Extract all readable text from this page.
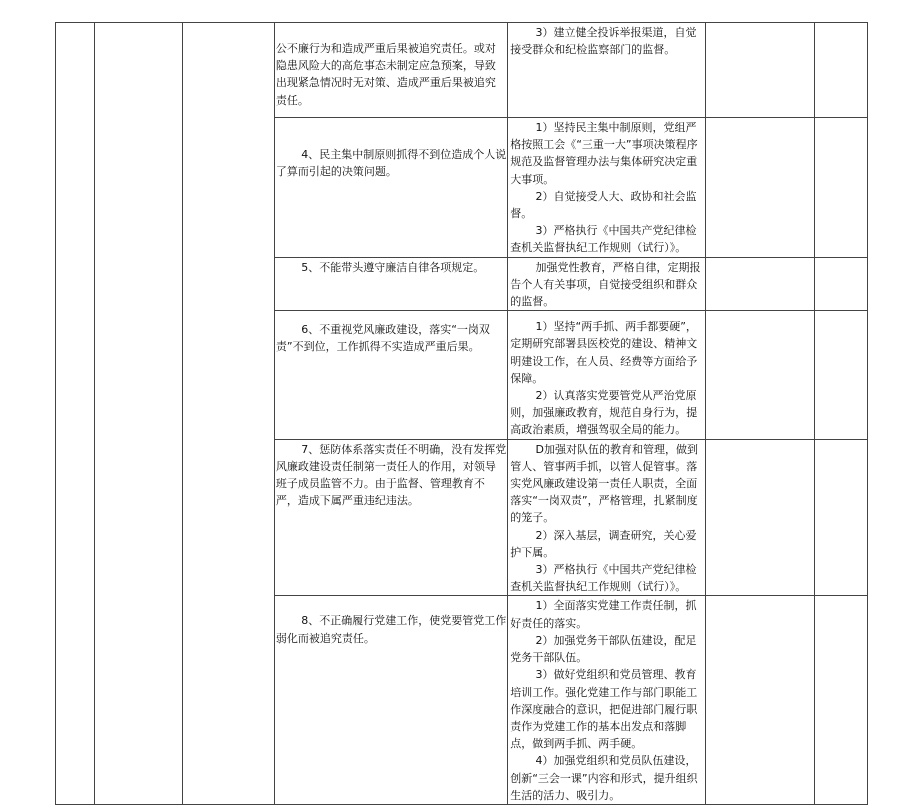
			公不廉行为和造成严重后果被追究责任。或对隐患风险大的高危事态未制定应急预案，导致出现紧急情况时无对策、造成严重后果被追究责任。	3）建立健全投诉举报渠道，自觉接受群众和纪检监察部门的监督。		

			4、民主集中制原则抓得不到位造成个人说了算而引起的决策问题。	1）坚持民主集中制原则，党组严格按照工会《“三重一大”事项决策程序规范及监督管理办法与集体研究决定重大事项。

2）自觉接受人大、政协和社会监督。

3）严格执行《中国共产党纪律检查机关监督执纪工作规则（试行）》。		

			5、不能带头遵守廉洁自律各项规定。	加强党性教育，严格自律，定期报告个人有关事项，自觉接受组织和群众的监督。		

			6、不重视党风廉政建设，落实“一岗双责”不到位，工作抓得不实造成严重后果。	1）坚持“两手抓、两手都要硬”，定期研究部署县医校党的建设、精神文明建设工作，在人员、经费等方面给予保障。

2）认真落实党要管党从严治党原则，加强廉政教育，规范自身行为，提高政治素质，增强驾驭全局的能力。		

			7、惩防体系落实责任不明确，没有发挥党风廉政建设责任制第一责任人的作用，对领导班子成员监管不力。由于监督、管理教育不严，造成下属严重违纪违法。	D加强对队伍的教育和管理，做到管人、管事两手抓，以管人促管事。落实党风廉政建设第一责任人职责，全面落实“一岗双责”，严格管理，扎紧制度的笼子。

2）深入基层，调查研究，关心爱护下属。

3）严格执行《中国共产党纪律检查机关监督执纪工作规则（试行）》。		

			8、不正确履行党建工作，使党要管党工作弱化而被追究责任。	1）全面落实党建工作责任制，抓好责任的落实。

2）加强党务干部队伍建设，配足党务干部队伍。

3）做好党组织和党员管理、教育培训工作。强化党建工作与部门职能工作深度融合的意识，把促进部门履行职责作为党建工作的基本出发点和落脚点，做到两手抓、两手硬。

4）加强党组织和党员队伍建设，创新“三会一课”内容和形式，提升组织生活的活力、吸引力。		
